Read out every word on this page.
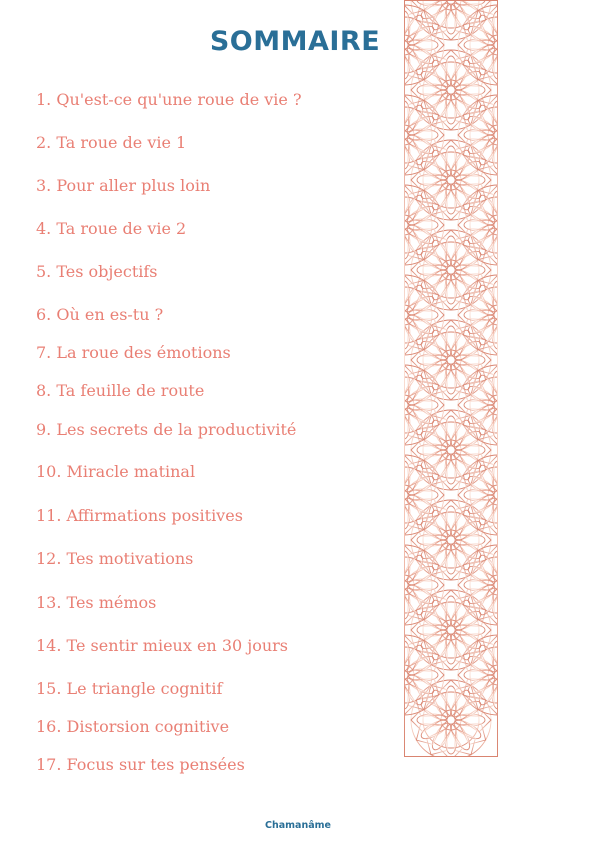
SOMMAIRE
1. Qu'est-ce qu'une roue de vie ?
2. Ta roue de vie 1
3. Pour aller plus loin
4. Ta roue de vie 2
5. Tes objectifs
6. Où en es-tu ?
7. La roue des émotions
8. Ta feuille de route
9. Les secrets de la productivité
10. Miracle matinal
11. Affirmations positives
12. Tes motivations
13. Tes mémos
14. Te sentir mieux en 30 jours
15. Le triangle cognitif
16. Distorsion cognitive
17. Focus sur tes pensées
Chamanâme
